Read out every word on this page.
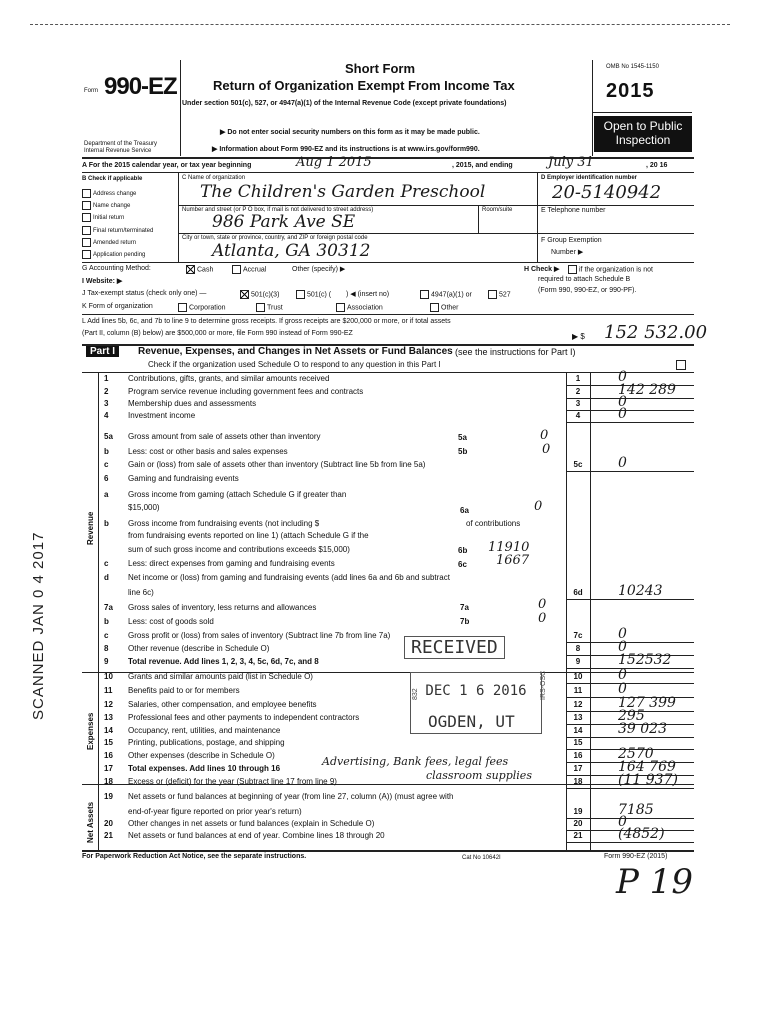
Form 990-EZ
Short Form
Return of Organization Exempt From Income Tax
Under section 501(c), 527, or 4947(a)(1) of the Internal Revenue Code (except private foundations)
▶ Do not enter social security numbers on this form as it may be made public.
▶ Information about Form 990-EZ and its instructions is at www.irs.gov/form990.
Department of the Treasury
Internal Revenue Service
OMB No 1545-1150
2015
Open to Public
Inspection
A For the 2015 calendar year, or tax year beginning	Aug 1 2015	, 2015, and ending	July 31	, 20 16
B Check if applicable
Address change
Name change
Initial return
Final return/terminated
Amended return
Application pending
C Name of organization
The Children's Garden Preschool
Number and street (or P O box, if mail is not delivered to street address)	Room/suite
986 Park Ave SE
City or town, state or province, country, and ZIP or foreign postal code
Atlanta, GA 30312
D Employer identification number
20-5140942
E Telephone number
F Group Exemption
Number ▶
G Accounting Method:	Cash	Accrual	Other (specify) ▶	H Check ▶	if the organization is not
required to attach Schedule B
(Form 990, 990-EZ, or 990-PF).
I Website: ▶
J Tax-exempt status (check only one) —	501(c)(3)	501(c) ( ) ◀ (insert no)	4947(a)(1) or	527
K Form of organization	Corporation	Trust	Association	Other
L Add lines 5b, 6c, and 7b to line 9 to determine gross receipts. If gross receipts are $200,000 or more, or if total assets
(Part II, column (B) below) are $500,000 or more, file Form 990 instead of Form 990-EZ	▶ $ 152 532.00
Part I	Revenue, Expenses, and Changes in Net Assets or Fund Balances (see the instructions for Part I)
Check if the organization used Schedule O to respond to any question in this Part I
Revenue
Expenses
Net Assets
1 Contributions, gifts, grants, and similar amounts received	1	0
2 Program service revenue including government fees and contracts	2	142 289
3 Membership dues and assessments	3	0
4 Investment income	4	0
5a Gross amount from sale of assets other than inventory
b Less: cost or other basis and sales expenses
c Gain or (loss) from sale of assets other than inventory (Subtract line 5b from line 5a)	5c	0
6 Gaming and fundraising events
a Gross income from gaming (attach Schedule G if greater than
$15,000)
b Gross income from fundraising events (not including $
from fundraising events reported on line 1) (attach Schedule G if the
sum of such gross income and contributions exceeds $15,000)
c Less: direct expenses from gaming and fundraising events
d Net income or (loss) from gaming and fundraising events (add lines 6a and 6b and subtract
line 6c)	6d	10243
7a Gross sales of inventory, less returns and allowances
b Less: cost of goods sold
c Gross profit or (loss) from sales of inventory (Subtract line 7b from line 7a)	7c	0
8 Other revenue (describe in Schedule O)	8	0
9 Total revenue. Add lines 1, 2, 3, 4, 5c, 6d, 7c, and 8	9	152532
10 Grants and similar amounts paid (list in Schedule O)	10	0
11 Benefits paid to or for members	11	0
12 Salaries, other compensation, and employee benefits	12	127 399
13 Professional fees and other payments to independent contractors	13	295
14 Occupancy, rent, utilities, and maintenance	14	39 023
15 Printing, publications, postage, and shipping	15
16 Other expenses (describe in Schedule O)	16	2570
17 Total expenses. Add lines 10 through 16	17	164 769
18 Excess or (deficit) for the year (Subtract line 17 from line 9)	18	(11 937)
19 Net assets or fund balances at beginning of year (from line 27, column (A)) (must agree with
end-of-year figure reported on prior year's return)	19	7185
20 Other changes in net assets or fund balances (explain in Schedule O)	20	0
21 Net assets or fund balances at end of year. Combine lines 18 through 20	21	(4852)
5a	0
5b	0
6a	0
of contributions
6b 11910
6c 1667
7a	0
7b	0
Advertising, Bank fees, legal fees
classroom supplies
RECEIVED
DEC 1 6 2016
OGDEN, UT
832	IRS-OSC
SCANNED JAN 0 4 2017
For Paperwork Reduction Act Notice, see the separate instructions.	Cat No 10642I	Form 990-EZ (2015)
P 19
